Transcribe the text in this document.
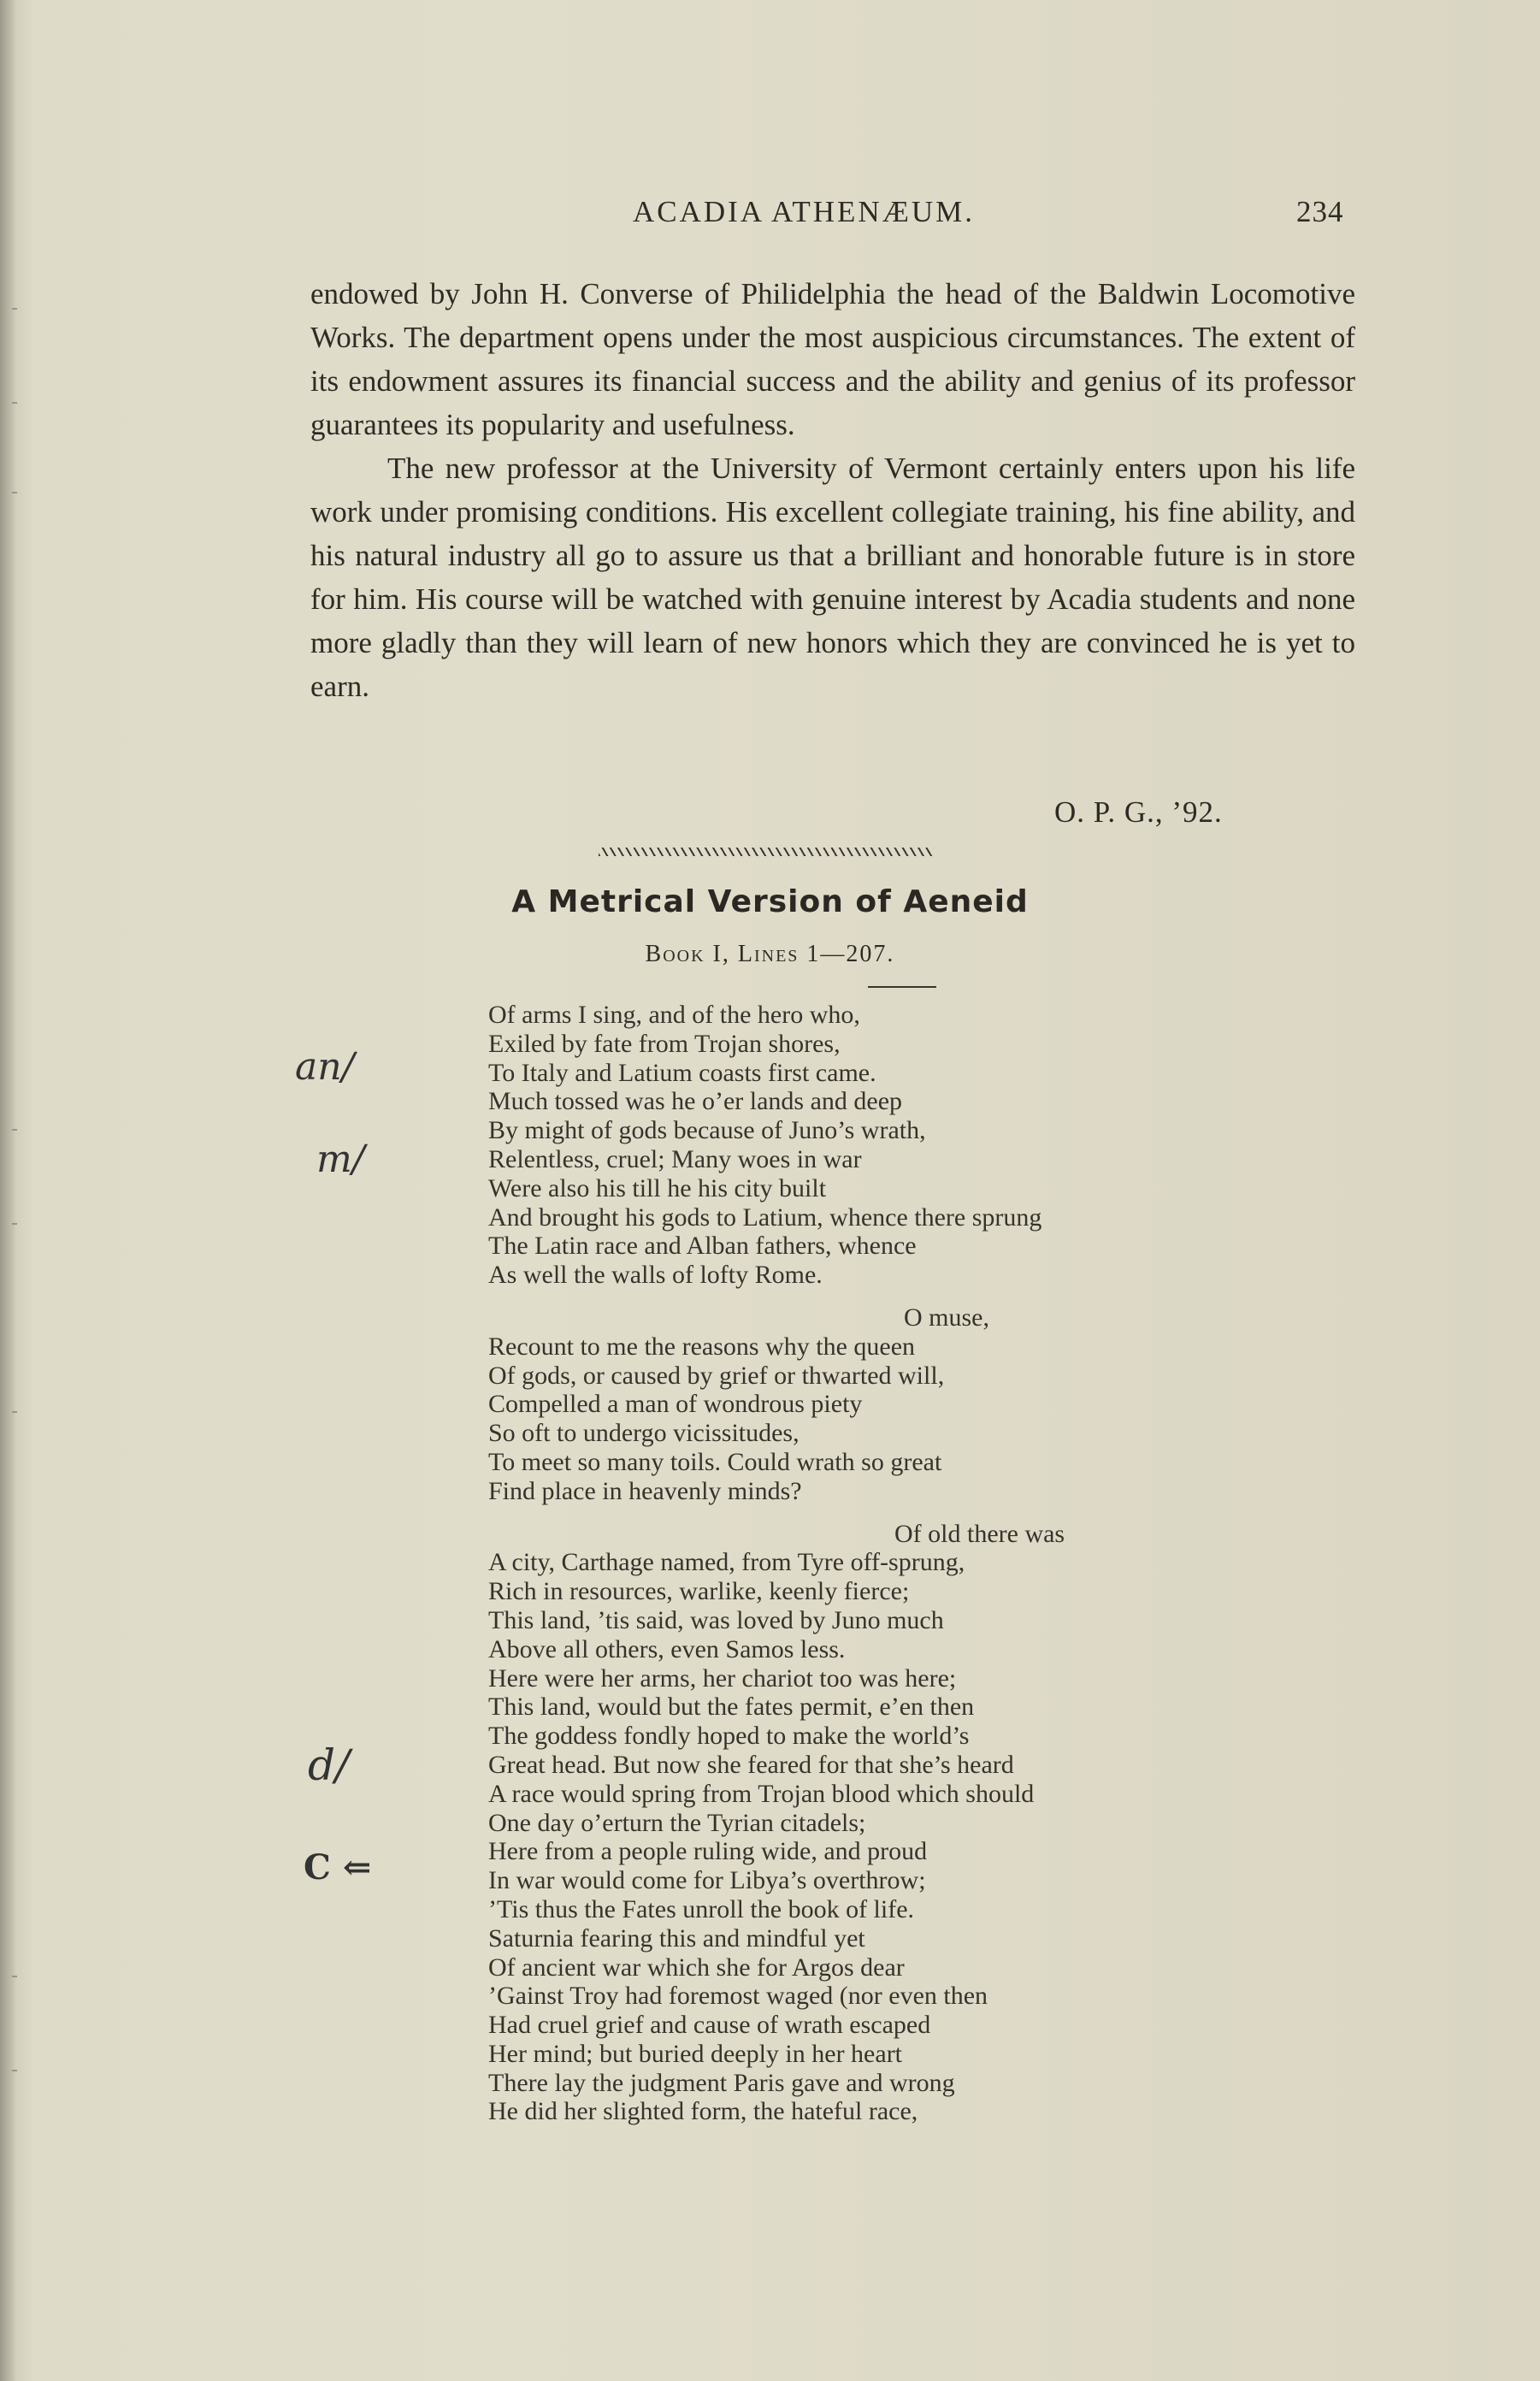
ACADIA ATHENÆUM.	234

endowed by John H. Converse of Philidelphia the head of the Baldwin Locomotive Works. The department opens under the most auspicious circumstances. The extent of its endowment assures its financial success and the ability and genius of its professor guarantees its popularity and usefulness.

The new professor at the University of Vermont certainly enters upon his life work under promising conditions. His excellent collegiate training, his fine ability, and his natural industry all go to assure us that a brilliant and honorable future is in store for him. His course will be watched with genuine interest by Acadia students and none more gladly than they will learn of new honors which they are convinced he is yet to earn.

O. P. G., ’92.
A Metrical Version of Aeneid
Book I, Lines 1—207.
Of arms I sing, and of the hero who,
Exiled by fate from Trojan shores,
To Italy and Latium coasts first came.
Much tossed was he o’er lands and deep
By might of gods because of Juno’s wrath,
Relentless, cruel; Many woes in war
Were also his till he his city built
And brought his gods to Latium, whence there sprung
The Latin race and Alban fathers, whence
As well the walls of lofty Rome.
O muse,
Recount to me the reasons why the queen
Of gods, or caused by grief or thwarted will,
Compelled a man of wondrous piety
So oft to undergo vicissitudes,
To meet so many toils. Could wrath so great
Find place in heavenly minds?
Of old there was
A city, Carthage named, from Tyre off-sprung,
Rich in resources, warlike, keenly fierce;
This land, ’tis said, was loved by Juno much
Above all others, even Samos less.
Here were her arms, her chariot too was here;
This land, would but the fates permit, e’en then
The goddess fondly hoped to make the world’s
Great head. But now she feared for that she’s heard
A race would spring from Trojan blood which should
One day o’erturn the Tyrian citadels;
Here from a people ruling wide, and proud
In war would come for Libya’s overthrow;
’Tis thus the Fates unroll the book of life.
Saturnia fearing this and mindful yet
Of ancient war which she for Argos dear
’Gainst Troy had foremost waged (nor even then
Had cruel grief and cause of wrath escaped
Her mind; but buried deeply in her heart
There lay the judgment Paris gave and wrong
He did her slighted form, the hateful race,
an/
m/
d/
C ⇐
